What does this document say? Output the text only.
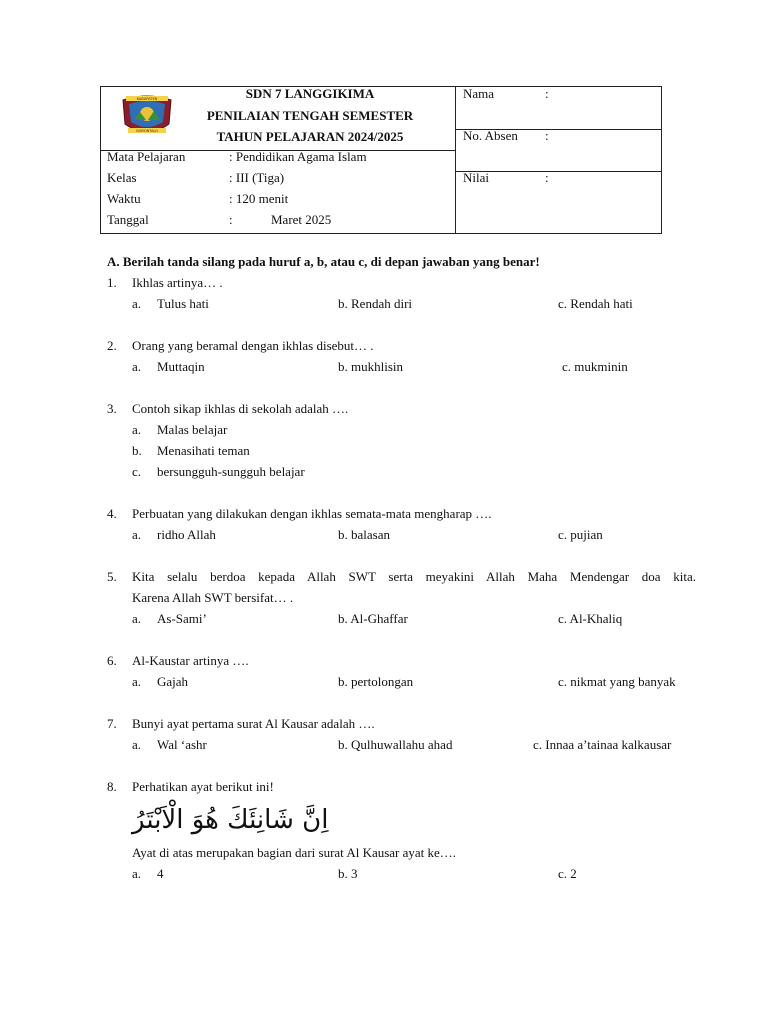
KABUPATEN
GORONTALO
SDN 7 LANGGIKIMA
PENILAIAN TENGAH SEMESTER
TAHUN PELAJARAN 2024/2025
Mata Pelajaran	: Pendidikan Agama Islam
Kelas	: III (Tiga)
Waktu	: 120 menit
Tanggal	:	Maret 2025
Nama	:
No. Absen :
Nilai	:
A. Berilah tanda silang pada huruf a, b, atau c, di depan jawaban yang benar!
1. Ikhlas artinya… .
a. Tulus hati	b. Rendah diri	c. Rendah hati
2. Orang yang beramal dengan ikhlas disebut… .
a. Muttaqin	b. mukhlisin	c. mukminin
3. Contoh sikap ikhlas di sekolah adalah ….
a. Malas belajar
b. Menasihati teman
c. bersungguh-sungguh belajar
4. Perbuatan yang dilakukan dengan ikhlas semata-mata mengharap ….
a. ridho Allah	b. balasan	c. pujian
5. Kita selalu berdoa kepada Allah SWT serta meyakini Allah Maha Mendengar doa kita.
Karena Allah SWT bersifat… .
a. As-Sami’	b. Al-Ghaffar	c. Al-Khaliq
6. Al-Kaustar artinya ….
a. Gajah	b. pertolongan	c. nikmat yang banyak
7. Bunyi ayat pertama surat Al Kausar adalah ….
a. Wal ‘ashr	b. Qulhuwallahu ahad	c. Innaa a’tainaa kalkausar
8. Perhatikan ayat berikut ini!
اِنَّ شَانِئَكَ هُوَ الْاَبْتَرُ
Ayat di atas merupakan bagian dari surat Al Kausar ayat ke….
a. 4	b. 3	c. 2
